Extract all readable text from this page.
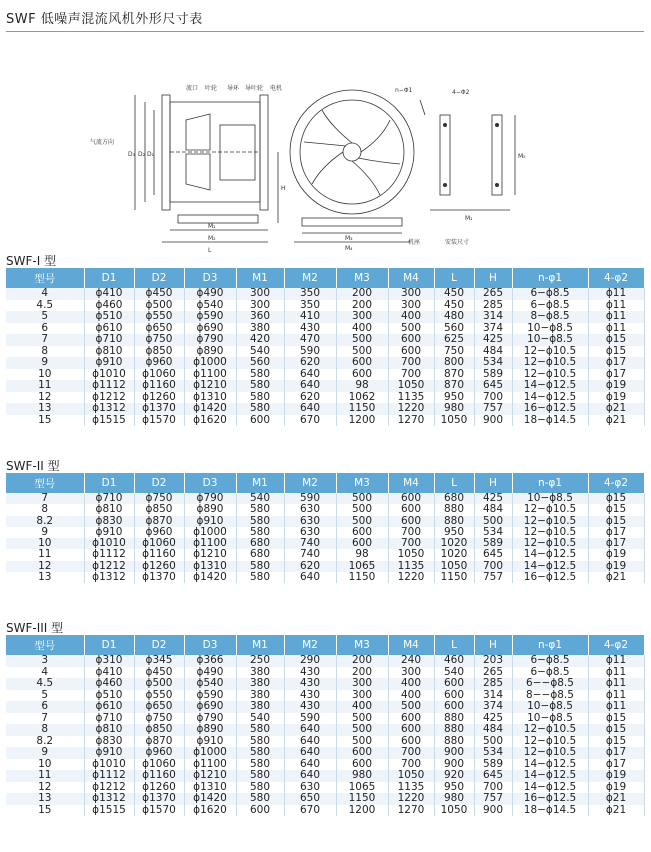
SWF 低噪声混流风机外形尺寸表
流口 叶轮 导环 导叶轮 电机
气流方向
D₃ D₂ D₁
H
M₁
M₂
L
n−Φ1	4−Φ2
M₃
M₄
机座	安装尺寸
M₅
M₁
SWF-I 型
型号	D1	D2	D3	M1	M2	M3	M4	L	H	n-φ1	4-φ2
4	ϕ410	ϕ450	ϕ490	300	350	200	300	450	265	6−ϕ8.5	ϕ11
4.5	ϕ460	ϕ500	ϕ540	300	350	200	300	450	285	6−ϕ8.5	ϕ11
5	ϕ510	ϕ550	ϕ590	360	410	300	400	480	314	8−ϕ8.5	ϕ11
6	ϕ610	ϕ650	ϕ690	380	430	400	500	560	374	10−ϕ8.5	ϕ11
7	ϕ710	ϕ750	ϕ790	420	470	500	600	625	425	10−ϕ8.5	ϕ15
8	ϕ810	ϕ850	ϕ890	540	590	500	600	750	484	12−ϕ10.5	ϕ15
9	ϕ910	ϕ960	ϕ1000	560	620	600	700	800	534	12−ϕ10.5	ϕ17
10	ϕ1010	ϕ1060	ϕ1100	580	640	600	700	870	589	12−ϕ10.5	ϕ17
11	ϕ1112	ϕ1160	ϕ1210	580	640	98	1050	870	645	14−ϕ12.5	ϕ19
12	ϕ1212	ϕ1260	ϕ1310	580	620	1062	1135	950	700	14−ϕ12.5	ϕ19
13	ϕ1312	ϕ1370	ϕ1420	580	640	1150	1220	980	757	16−ϕ12.5	ϕ21
15	ϕ1515	ϕ1570	ϕ1620	600	670	1200	1270	1050	900	18−ϕ14.5	ϕ21
SWF-II 型
型号	D1	D2	D3	M1	M2	M3	M4	L	H	n-φ1	4-φ2
7	ϕ710	ϕ750	ϕ790	540	590	500	600	680	425	10−ϕ8.5	ϕ15
8	ϕ810	ϕ850	ϕ890	580	630	500	600	880	484	12−ϕ10.5	ϕ15
8.2	ϕ830	ϕ870	ϕ910	580	630	500	600	880	500	12−ϕ10.5	ϕ15
9	ϕ910	ϕ960	ϕ1000	580	630	600	700	950	534	12−ϕ10.5	ϕ17
10	ϕ1010	ϕ1060	ϕ1100	680	740	600	700	1020	589	12−ϕ10.5	ϕ17
11	ϕ1112	ϕ1160	ϕ1210	680	740	98	1050	1020	645	14−ϕ12.5	ϕ19
12	ϕ1212	ϕ1260	ϕ1310	580	620	1065	1135	1050	700	14−ϕ12.5	ϕ19
13	ϕ1312	ϕ1370	ϕ1420	580	640	1150	1220	1150	757	16−ϕ12.5	ϕ21
SWF-III 型
型号	D1	D2	D3	M1	M2	M3	M4	L	H	n-φ1	4-φ2
3	ϕ310	ϕ345	ϕ366	250	290	200	240	460	203	6−ϕ8.5	ϕ11
4	ϕ410	ϕ450	ϕ490	380	430	200	300	540	265	6−ϕ8.5	ϕ11
4.5	ϕ460	ϕ500	ϕ540	380	430	300	400	600	285	6−−ϕ8.5	ϕ11
5	ϕ510	ϕ550	ϕ590	380	430	300	400	600	314	8−−ϕ8.5	ϕ11
6	ϕ610	ϕ650	ϕ690	380	430	400	500	600	374	10−ϕ8.5	ϕ11
7	ϕ710	ϕ750	ϕ790	540	590	500	600	880	425	10−ϕ8.5	ϕ15
8	ϕ810	ϕ850	ϕ890	580	640	500	600	880	484	12−ϕ10.5	ϕ15
8.2	ϕ830	ϕ870	ϕ910	580	640	500	600	880	500	12−ϕ10.5	ϕ15
9	ϕ910	ϕ960	ϕ1000	580	640	600	700	900	534	12−ϕ10.5	ϕ17
10	ϕ1010	ϕ1060	ϕ1100	580	640	600	700	900	589	14−ϕ12.5	ϕ17
11	ϕ1112	ϕ1160	ϕ1210	580	640	980	1050	920	645	14−ϕ12.5	ϕ19
12	ϕ1212	ϕ1260	ϕ1310	580	630	1065	1135	950	700	14−ϕ12.5	ϕ19
13	ϕ1312	ϕ1370	ϕ1420	580	650	1150	1220	980	757	16−ϕ12.5	ϕ21
15	ϕ1515	ϕ1570	ϕ1620	600	670	1200	1270	1050	900	18−ϕ14.5	ϕ21
